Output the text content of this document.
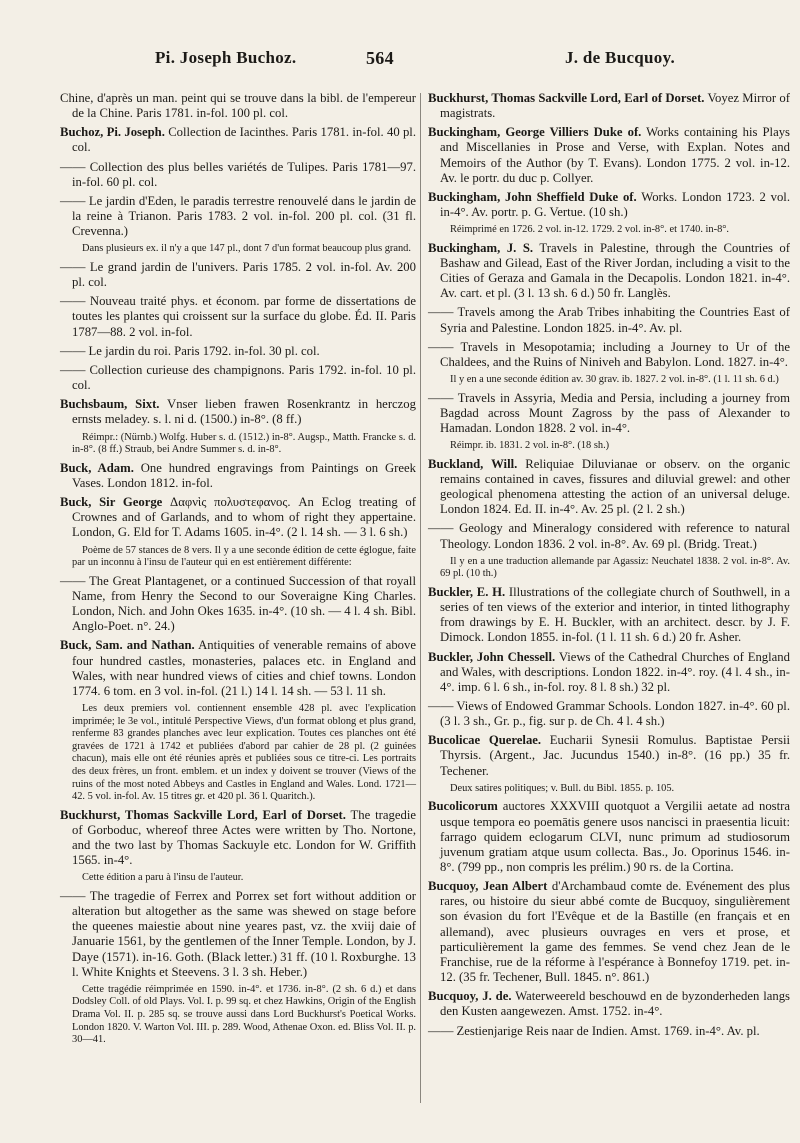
Pi. Joseph Buchoz.	564	J. de Bucquoy.

Chine, d'après un man. peint qui se trouve dans la bibl. de l'empereur de la Chine. Paris 1781. in-fol. 100 pl. col.

Buchoz, Pi. Joseph. Collection de Iacinthes. Paris 1781. in-fol. 40 pl. col.

—— Collection des plus belles variétés de Tulipes. Paris 1781—97. in-fol. 60 pl. col.

—— Le jardin d'Eden, le paradis terrestre renouvelé dans le jardin de la reine à Trianon. Paris 1783. 2 vol. in-fol. 200 pl. col. (31 fl. Crevenna.)

Dans plusieurs ex. il n'y a que 147 pl., dont 7 d'un format beaucoup plus grand.

—— Le grand jardin de l'univers. Paris 1785. 2 vol. in-fol. Av. 200 pl. col.

—— Nouveau traité phys. et économ. par forme de dissertations de toutes les plantes qui croissent sur la surface du globe. Éd. II. Paris 1787—88. 2 vol. in-fol.

—— Le jardin du roi. Paris 1792. in-fol. 30 pl. col.

—— Collection curieuse des champignons. Paris 1792. in-fol. 10 pl. col.

Buchsbaum, Sixt. Vnser lieben frawen Rosenkrantz in herczog ernsts meladey. s. l. ni d. (1500.) in-8°. (8 ff.)

Réimpr.: (Nürnb.) Wolfg. Huber s. d. (1512.) in-8°. Augsp., Matth. Francke s. d. in-8°. (8 ff.) Straub, bei Andre Summer s. d. in-8°.

Buck, Adam. One hundred engravings from Paintings on Greek Vases. London 1812. in-fol.

Buck, Sir George Δαφνὶς πολυστεφανος. An Eclog treating of Crownes and of Garlands, and to whom of right they appertaine. London, G. Eld for T. Adams 1605. in-4°. (2 l. 14 sh. — 3 l. 6 sh.)

Poème de 57 stances de 8 vers. Il y a une seconde édition de cette églogue, faite par un inconnu à l'insu de l'auteur qui en est entièrement différente:

—— The Great Plantagenet, or a continued Succession of that royall Name, from Henry the Second to our Soveraigne King Charles. London, Nich. and John Okes 1635. in-4°. (10 sh. — 4 l. 4 sh. Bibl. Anglo-Poet. n°. 24.)

Buck, Sam. and Nathan. Antiquities of venerable remains of above four hundred castles, monasteries, palaces etc. in England and Wales, with near hundred views of cities and chief towns. London 1774. 6 tom. en 3 vol. in-fol. (21 l.) 14 l. 14 sh. — 53 l. 11 sh.

Les deux premiers vol. contiennent ensemble 428 pl. avec l'explication imprimée; le 3e vol., intitulé Perspective Views, d'un format oblong et plus grand, renferme 83 grandes planches avec leur explication. Toutes ces planches ont été gravées de 1721 à 1742 et publiées d'abord par cahier de 28 pl. (2 guinées chacun), mais elle ont été réunies après et publiées sous ce titre-ci. Les portraits des deux frères, un front. emblem. et un index y doivent se trouver (Views of the ruins of the most noted Abbeys and Castles in England and Wales. Lond. 1721—42. 5 vol. in-fol. Av. 15 titres gr. et 420 pl. 36 l. Quaritch.).

Buckhurst, Thomas Sackville Lord, Earl of Dorset. The tragedie of Gorboduc, whereof three Actes were written by Tho. Nortone, and the two last by Thomas Sackuyle etc. London for W. Griffith 1565. in-4°.

Cette édition a paru à l'insu de l'auteur.

—— The tragedie of Ferrex and Porrex set fort without addition or alteration but altogether as the same was shewed on stage before the queenes maiestie about nine yeares past, vz. the xviij daie of Januarie 1561, by the gentlemen of the Inner Temple. London, by J. Daye (1571). in-16. Goth. (Black letter.) 31 ff. (10 l. Roxburghe. 13 l. White Knights et Steevens. 3 l. 3 sh. Heber.)

Cette tragédie réimprimée en 1590. in-4°. et 1736. in-8°. (2 sh. 6 d.) et dans Dodsley Coll. of old Plays. Vol. I. p. 99 sq. et chez Hawkins, Origin of the English Drama Vol. II. p. 285 sq. se trouve aussi dans Lord Buckhurst's Poetical Works. London 1820. V. Warton Vol. III. p. 289. Wood, Athenae Oxon. ed. Bliss Vol. II. p. 30—41.

Buckhurst, Thomas Sackville Lord, Earl of Dorset. Voyez Mirror of magistrats.

Buckingham, George Villiers Duke of. Works containing his Plays and Miscellanies in Prose and Verse, with Explan. Notes and Memoirs of the Author (by T. Evans). London 1775. 2 vol. in-12. Av. le portr. du duc p. Collyer.

Buckingham, John Sheffield Duke of. Works. London 1723. 2 vol. in-4°. Av. portr. p. G. Vertue. (10 sh.)

Réimprimé en 1726. 2 vol. in-12. 1729. 2 vol. in-8°. et 1740. in-8°.

Buckingham, J. S. Travels in Palestine, through the Countries of Bashaw and Gilead, East of the River Jordan, including a visit to the Cities of Geraza and Gamala in the Decapolis. London 1821. in-4°. Av. cart. et pl. (3 l. 13 sh. 6 d.) 50 fr. Langlès.

—— Travels among the Arab Tribes inhabiting the Countries East of Syria and Palestine. London 1825. in-4°. Av. pl.

—— Travels in Mesopotamia; including a Journey to Ur of the Chaldees, and the Ruins of Niniveh and Babylon. Lond. 1827. in-4°.

Il y en a une seconde édition av. 30 grav. ib. 1827. 2 vol. in-8°. (1 l. 11 sh. 6 d.)

—— Travels in Assyria, Media and Persia, including a journey from Bagdad across Mount Zagross by the pass of Alexander to Hamadan. London 1828. 2 vol. in-4°.

Réimpr. ib. 1831. 2 vol. in-8°. (18 sh.)

Buckland, Will. Reliquiae Diluvianae or observ. on the organic remains contained in caves, fissures and diluvial grewel: and other geological phenomena attesting the action of an universal deluge. London 1824. Ed. II. in-4°. Av. 25 pl. (2 l. 2 sh.)

—— Geology and Mineralogy considered with reference to natural Theology. London 1836. 2 vol. in-8°. Av. 69 pl. (Bridg. Treat.)

Il y en a une traduction allemande par Agassiz: Neuchatel 1838. 2 vol. in-8°. Av. 69 pl. (10 th.)

Buckler, E. H. Illustrations of the collegiate church of Southwell, in a series of ten views of the exterior and interior, in tinted lithography from drawings by E. H. Buckler, with an architect. descr. by J. F. Dimock. London 1855. in-fol. (1 l. 11 sh. 6 d.) 20 fr. Asher.

Buckler, John Chessell. Views of the Cathedral Churches of England and Wales, with descriptions. London 1822. in-4°. roy. (4 l. 4 sh., in-4°. imp. 6 l. 6 sh., in-fol. roy. 8 l. 8 sh.) 32 pl.

—— Views of Endowed Grammar Schools. London 1827. in-4°. 60 pl. (3 l. 3 sh., Gr. p., fig. sur p. de Ch. 4 l. 4 sh.)

Bucolicae Querelae. Eucharii Synesii Romulus. Baptistae Persii Thyrsis. (Argent., Jac. Jucundus 1540.) in-8°. (16 pp.) 35 fr. Techener.

Deux satires politiques; v. Bull. du Bibl. 1855. p. 105.

Bucolicorum auctores XXXVIII quotquot a Vergilii aetate ad nostra usque tempora eo poemātis genere usos nancisci in praesentia licuit: farrago quidem eclogarum CLVI, nunc primum ad studiosorum juvenum gratiam atque usum collecta. Bas., Jo. Oporinus 1546. in-8°. (799 pp., non compris les prélim.) 90 rs. de la Cortina.

Bucquoy, Jean Albert d'Archambaud comte de. Evénement des plus rares, ou histoire du sieur abbé comte de Bucquoy, singulièrement son évasion du fort l'Evêque et de la Bastille (en français et en allemand), avec plusieurs ouvrages en vers et prose, et particulièrement la game des femmes. Se vend chez Jean de le Franchise, rue de la réforme à l'espérance à Bonnefoy 1719. pet. in-12. (35 fr. Techener, Bull. 1845. n°. 861.)

Bucquoy, J. de. Waterweereld beschouwd en de byzonderheden langs den Kusten aangewezen. Amst. 1752. in-4°.

—— Zestienjarige Reis naar de Indien. Amst. 1769. in-4°. Av. pl.
